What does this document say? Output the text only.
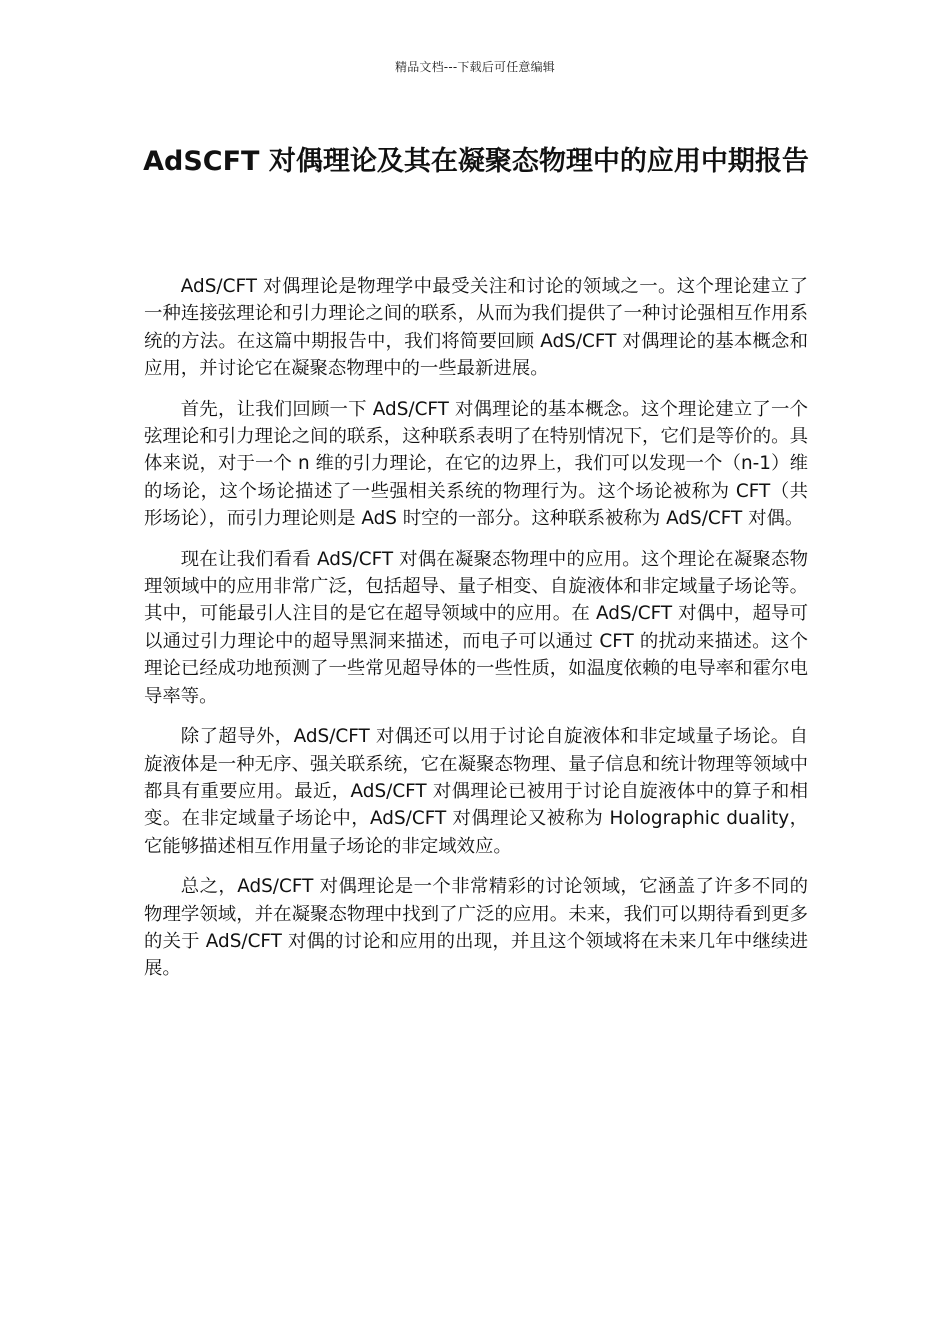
精品文档---下载后可任意编辑
AdSCFT 对偶理论及其在凝聚态物理中的应用中期报告

AdS/CFT 对偶理论是物理学中最受关注和讨论的领域之一。这个理论建立了一种连接弦理论和引力理论之间的联系，从而为我们提供了一种讨论强相互作用系统的方法。在这篇中期报告中，我们将简要回顾 AdS/CFT 对偶理论的基本概念和应用，并讨论它在凝聚态物理中的一些最新进展。

首先，让我们回顾一下 AdS/CFT 对偶理论的基本概念。这个理论建立了一个弦理论和引力理论之间的联系，这种联系表明了在特别情况下，它们是等价的。具体来说，对于一个 n 维的引力理论，在它的边界上，我们可以发现一个（n-1）维的场论，这个场论描述了一些强相关系统的物理行为。这个场论被称为 CFT（共形场论），而引力理论则是 AdS 时空的一部分。这种联系被称为 AdS/CFT 对偶。

现在让我们看看 AdS/CFT 对偶在凝聚态物理中的应用。这个理论在凝聚态物理领域中的应用非常广泛，包括超导、量子相变、自旋液体和非定域量子场论等。其中，可能最引人注目的是它在超导领域中的应用。在 AdS/CFT 对偶中，超导可以通过引力理论中的超导黑洞来描述，而电子可以通过 CFT 的扰动来描述。这个理论已经成功地预测了一些常见超导体的一些性质，如温度依赖的电导率和霍尔电导率等。

除了超导外，AdS/CFT 对偶还可以用于讨论自旋液体和非定域量子场论。自旋液体是一种无序、强关联系统，它在凝聚态物理、量子信息和统计物理等领域中都具有重要应用。最近，AdS/CFT 对偶理论已被用于讨论自旋液体中的算子和相变。在非定域量子场论中，AdS/CFT 对偶理论又被称为 Holographic duality，它能够描述相互作用量子场论的非定域效应。

总之，AdS/CFT 对偶理论是一个非常精彩的讨论领域，它涵盖了许多不同的物理学领域，并在凝聚态物理中找到了广泛的应用。未来，我们可以期待看到更多的关于 AdS/CFT 对偶的讨论和应用的出现，并且这个领域将在未来几年中继续进展。
